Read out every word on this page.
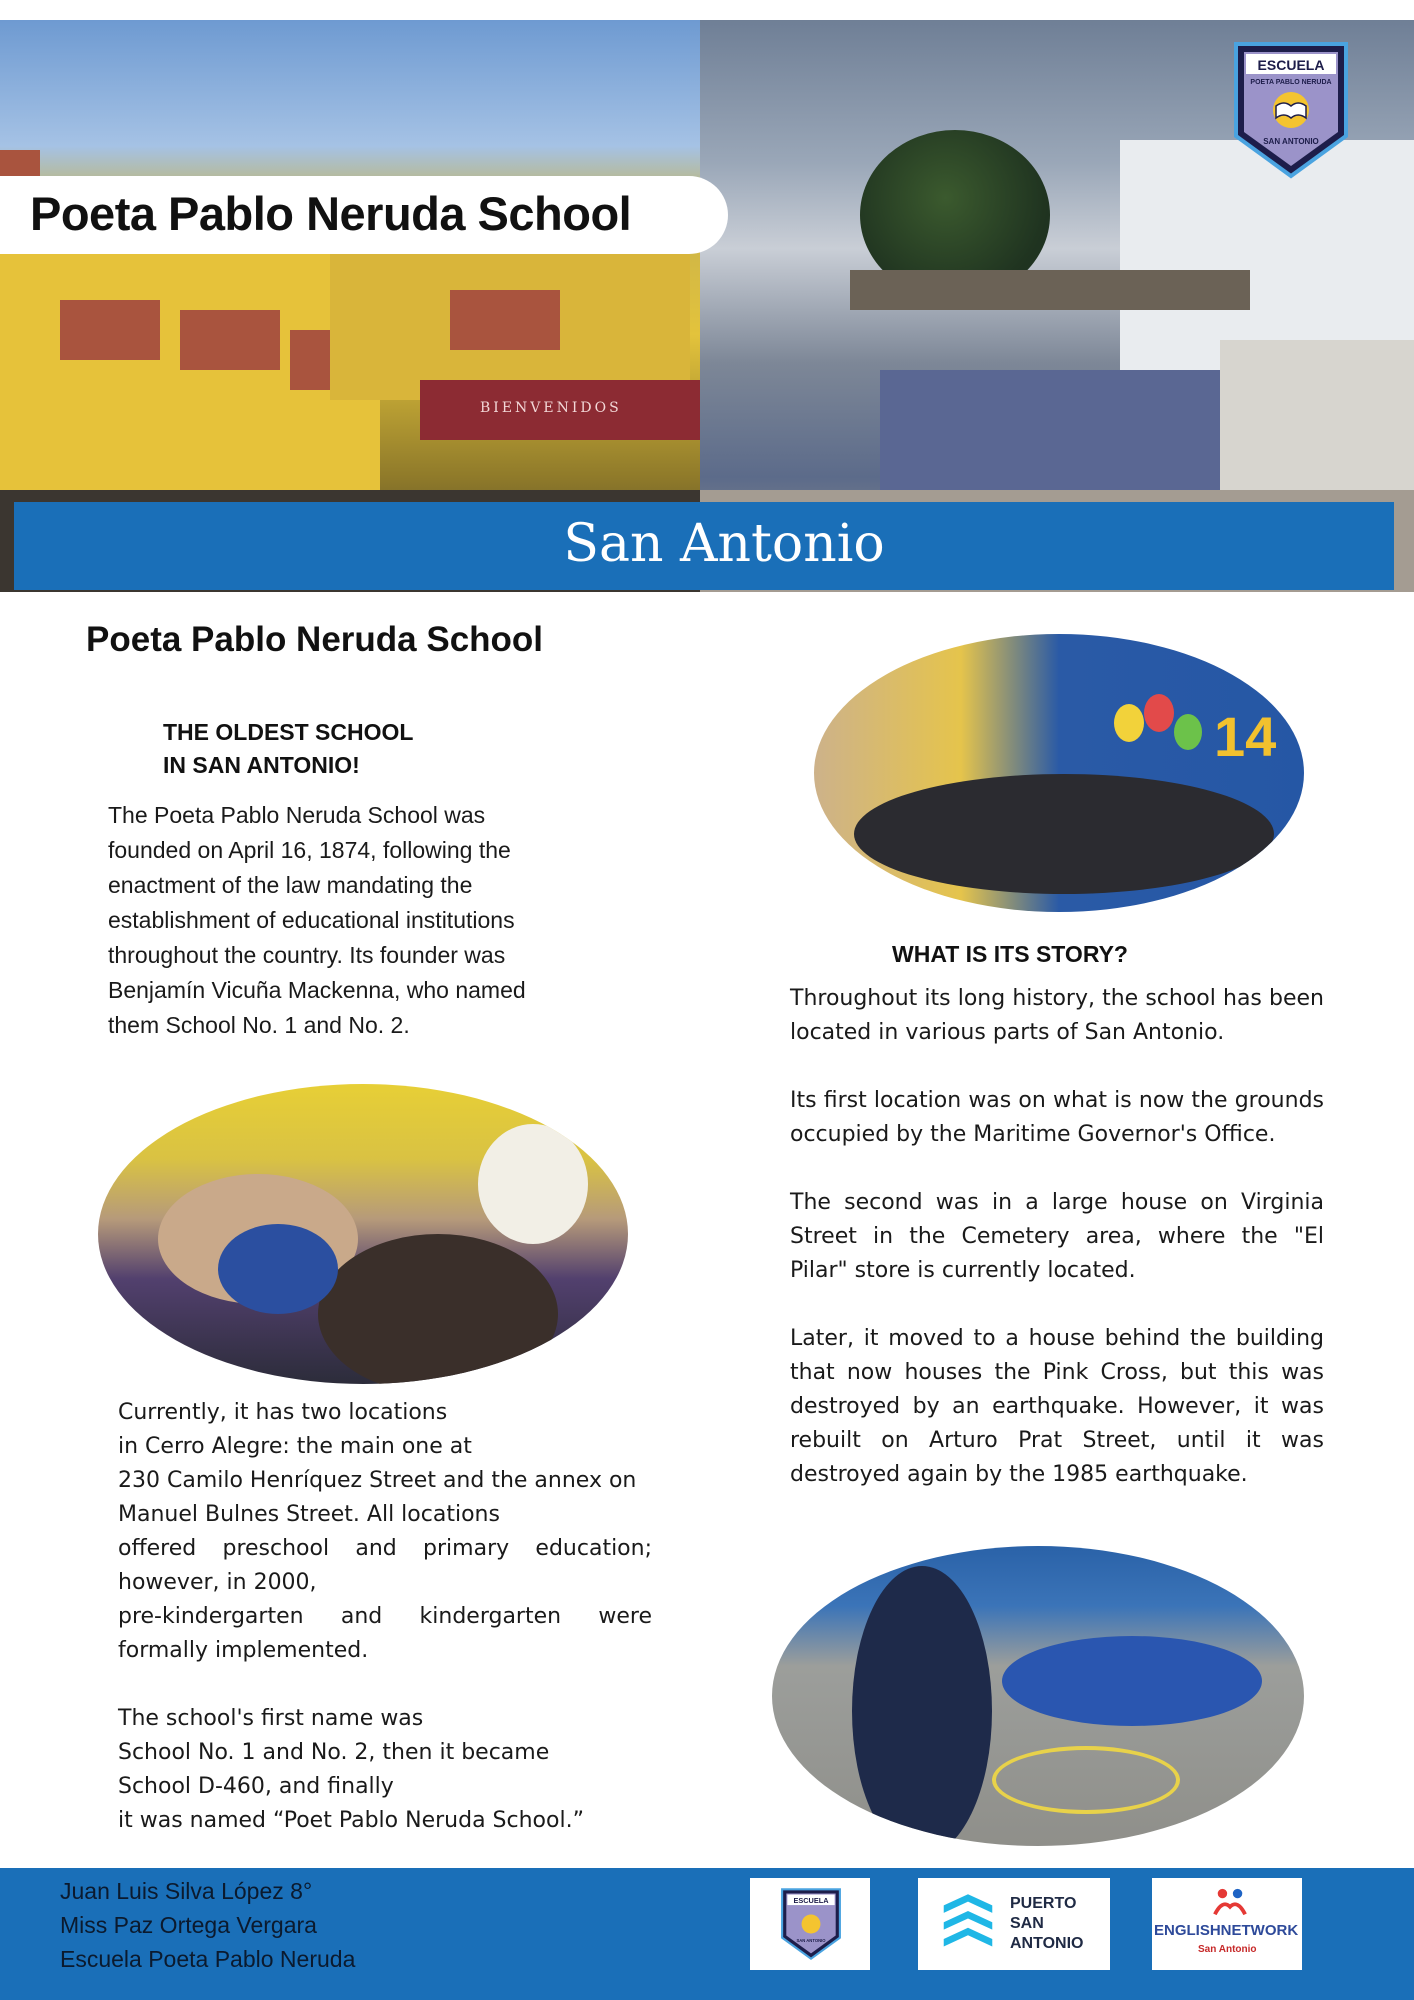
BIENVENIDOS
ESCUELA
POETA PABLO NERUDA
SAN ANTONIO
Poeta Pablo Neruda School
San Antonio
Poeta Pablo Neruda School
THE OLDEST SCHOOL
IN SAN ANTONIO!
The Poeta Pablo Neruda School was
founded on April 16, 1874, following the
enactment of the law mandating the
establishment of educational institutions
throughout the country. Its founder was
Benjamín Vicuña Mackenna, who named
them School No. 1 and No. 2.
Currently, it has two locations
in Cerro Alegre: the main one at
230 Camilo Henríquez Street and the annex on
Manuel Bulnes Street. All locations
offered preschool and primary education;
however, in 2000,
pre-kindergarten and kindergarten were
formally implemented.
The school's first name was
School No. 1 and No. 2, then it became
School D-460, and finally
it was named “Poet Pablo Neruda School.”
14
WHAT IS ITS STORY?

Throughout its long history, the school has been located in various parts of San Antonio.

Its first location was on what is now the grounds occupied by the Maritime Governor's Office.

The second was in a large house on Virginia Street in the Cemetery area, where the "El Pilar" store is currently located.

Later, it moved to a house behind the building that now houses the Pink Cross, but this was destroyed by an earthquake. However, it was rebuilt on Arturo Prat Street, until it was destroyed again by the 1985 earthquake.

Juan Luis Silva López 8°
Miss Paz Ortega Vergara
Escuela Poeta Pablo Neruda
ESCUELA
SAN ANTONIO
PUERTO
SAN
ANTONIO
ENGLISHNETWORK
San Antonio
